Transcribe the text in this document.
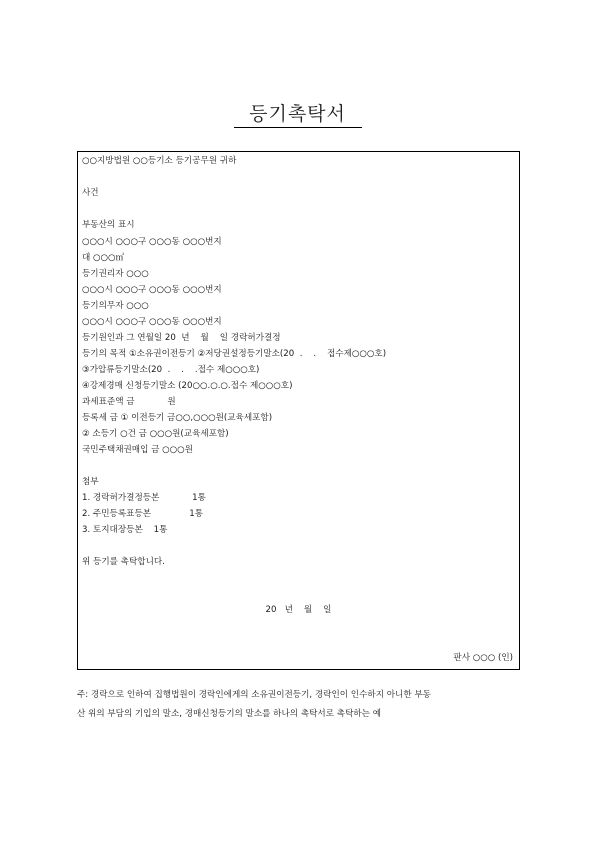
등기촉탁서
○○지방법원 ○○등기소 등기공무원 귀하
사건
부동산의 표시
○○○시 ○○○구 ○○○동 ○○○번지
대 ○○○㎡
등기권리자 ○○○
○○○시 ○○○구 ○○○동 ○○○번지
등기의무자 ○○○
○○○시 ○○○구 ○○○동 ○○○번지
등기원인과 그 연월일 20  년    월    일 경락허가결정
등기의 목적 ①소유권이전등기 ②저당권설정등기말소(20  .    .    접수제○○○호)
③가압류등기말소(20  .    .    .접수 제○○○호)
④강제경매 신청등기말소 (20○○.○.○.접수 제○○○호)
과세표준액 금            원
등록세 금 ① 이전등기 금○○,○○○원(교육세포함)
② 소등기 ○건 금 ○○○원(교육세포함)
국민주택채권매입 금 ○○○원
첨부
1. 경락허가결정등본            1통
2. 주민등록표등본              1통
3. 토지대장등본    1통
위 등기를 촉탁합니다.
20   년    월    일
판사 ○○○ (인)
주: 경락으로 인하여 집행법원이 경락인에게의 소유권이전등기, 경락인이 인수하지 아니한 부동
산 위의 부담의 기입의 말소, 경매신청등기의 말소를 하나의 촉탁서로 촉탁하는 예
